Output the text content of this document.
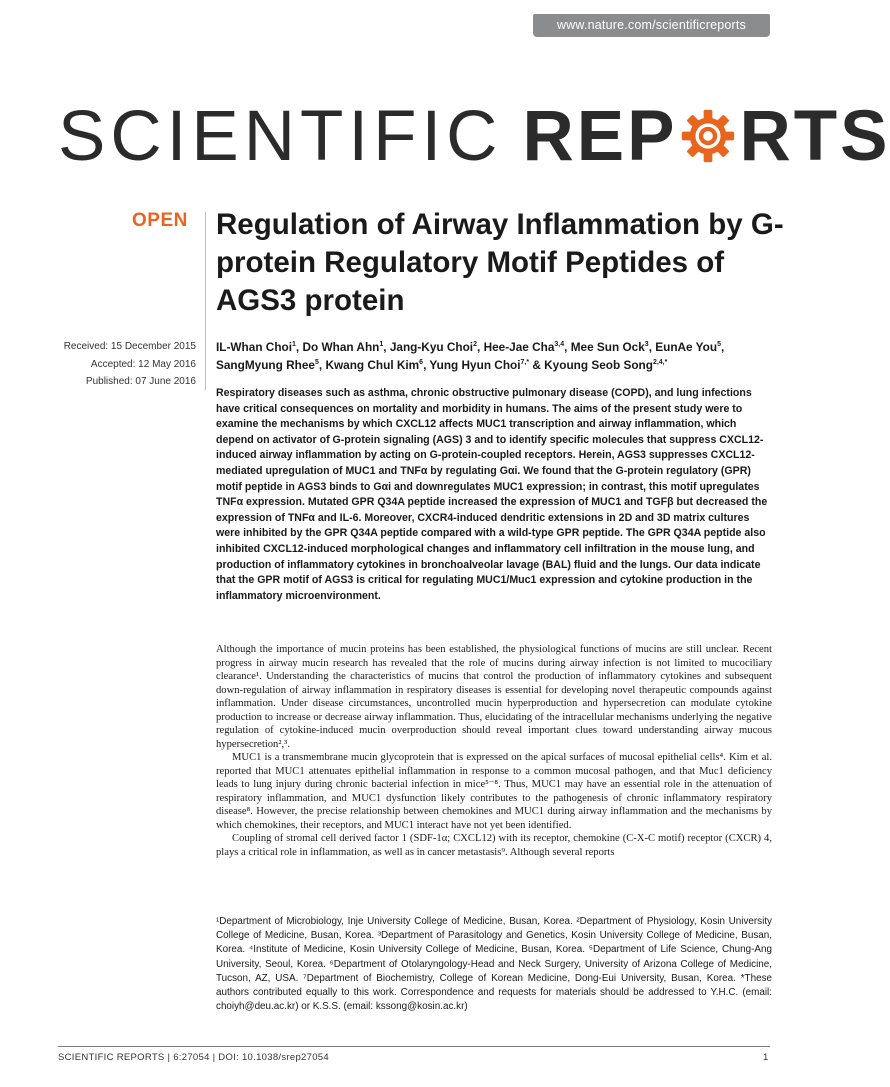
www.nature.com/scientificreports
SCIENTIFIC REP RTS
OPEN Regulation of Airway Inflammation by G-protein Regulatory Motif Peptides of AGS3 protein
Received: 15 December 2015
Accepted: 12 May 2016
Published: 07 June 2016
IL-Whan Choi$^1$, Do Whan Ahn$^1$, Jang-Kyu Choi$^2$, Hee-Jae Cha$^{3,4}$, Mee Sun Ock$^3$, EunAe You$^5$, SangMyung Rhee$^5$, Kwang Chul Kim$^6$, Yung Hyun Choi$^{7,*}$ & Kyoung Seob Song$^{2,4,*}$

Respiratory diseases such as asthma, chronic obstructive pulmonary disease (COPD), and lung infections have critical consequences on mortality and morbidity in humans. The aims of the present study were to examine the mechanisms by which CXCL12 affects MUC1 transcription and airway inflammation, which depend on activator of G-protein signaling (AGS) 3 and to identify specific molecules that suppress CXCL12-induced airway inflammation by acting on G-protein-coupled receptors. Herein, AGS3 suppresses CXCL12-mediated upregulation of MUC1 and TNFα by regulating Gαi. We found that the G-protein regulatory (GPR) motif peptide in AGS3 binds to Gαi and downregulates MUC1 expression; in contrast, this motif upregulates TNFα expression. Mutated GPR Q34A peptide increased the expression of MUC1 and TGFβ but decreased the expression of TNFα and IL-6. Moreover, CXCR4-induced dendritic extensions in 2D and 3D matrix cultures were inhibited by the GPR Q34A peptide compared with a wild-type GPR peptide. The GPR Q34A peptide also inhibited CXCL12-induced morphological changes and inflammatory cell infiltration in the mouse lung, and production of inflammatory cytokines in bronchoalveolar lavage (BAL) fluid and the lungs. Our data indicate that the GPR motif of AGS3 is critical for regulating MUC1/Muc1 expression and cytokine production in the inflammatory microenvironment.

Although the importance of mucin proteins has been established, the physiological functions of mucins are still unclear. Recent progress in airway mucin research has revealed that the role of mucins during airway infection is not limited to mucociliary clearance¹. Understanding the characteristics of mucins that control the production of inflammatory cytokines and subsequent down-regulation of airway inflammation in respiratory diseases is essential for developing novel therapeutic compounds against inflammation. Under disease circumstances, uncontrolled mucin hyperproduction and hypersecretion can modulate cytokine production to increase or decrease airway inflammation. Thus, elucidating of the intracellular mechanisms underlying the negative regulation of cytokine-induced mucin overproduction should reveal important clues toward understanding airway mucous hypersecretion²,³.

MUC1 is a transmembrane mucin glycoprotein that is expressed on the apical surfaces of mucosal epithelial cells⁴. Kim et al. reported that MUC1 attenuates epithelial inflammation in response to a common mucosal pathogen, and that Muc1 deficiency leads to lung injury during chronic bacterial infection in mice⁵⁻⁸. Thus, MUC1 may have an essential role in the attenuation of respiratory inflammation, and MUC1 dysfunction likely contributes to the pathogenesis of chronic inflammatory respiratory disease⁸. However, the precise relationship between chemokines and MUC1 during airway inflammation and the mechanisms by which chemokines, their receptors, and MUC1 interact have not yet been identified.

Coupling of stromal cell derived factor 1 (SDF-1α; CXCL12) with its receptor, chemokine (C-X-C motif) receptor (CXCR) 4, plays a critical role in inflammation, as well as in cancer metastasis⁹. Although several reports

¹Department of Microbiology, Inje University College of Medicine, Busan, Korea. ²Department of Physiology, Kosin University College of Medicine, Busan, Korea. ³Department of Parasitology and Genetics, Kosin University College of Medicine, Busan, Korea. ⁴Institute of Medicine, Kosin University College of Medicine, Busan, Korea. ⁵Department of Life Science, Chung-Ang University, Seoul, Korea. ⁶Department of Otolaryngology-Head and Neck Surgery, University of Arizona College of Medicine, Tucson, AZ, USA. ⁷Department of Biochemistry, College of Korean Medicine, Dong-Eui University, Busan, Korea. *These authors contributed equally to this work. Correspondence and requests for materials should be addressed to Y.H.C. (email: choiyh@deu.ac.kr) or K.S.S. (email: kssong@kosin.ac.kr)
SCIENTIFIC REPORTS | 6:27054 | DOI: 10.1038/srep27054	1
